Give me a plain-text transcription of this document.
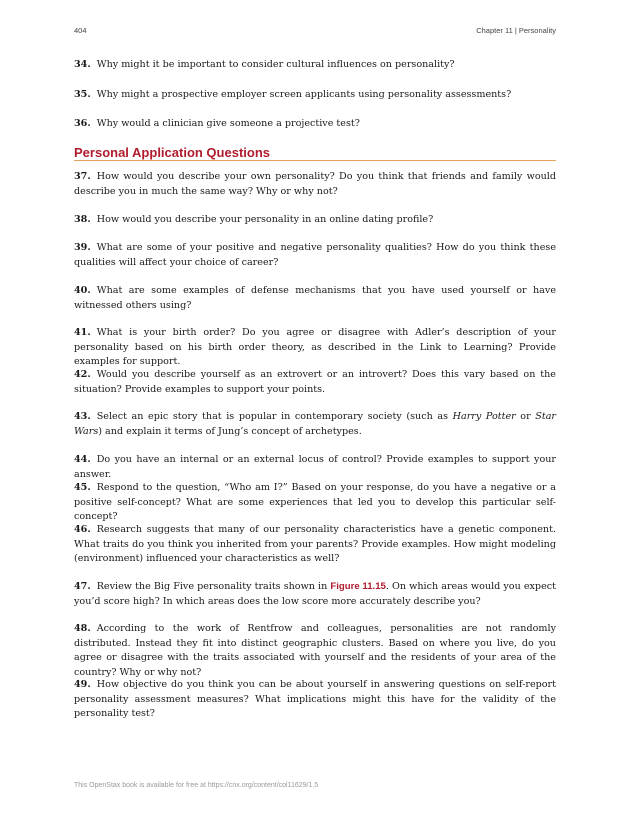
404	Chapter 11 | Personality
34. Why might it be important to consider cultural influences on personality?
35. Why might a prospective employer screen applicants using personality assessments?
36. Why would a clinician give someone a projective test?
Personal Application Questions
37. How would you describe your own personality? Do you think that friends and family would describe you in much the same way? Why or why not?
38. How would you describe your personality in an online dating profile?
39. What are some of your positive and negative personality qualities? How do you think these qualities will affect your choice of career?
40. What are some examples of defense mechanisms that you have used yourself or have witnessed others using?
41. What is your birth order? Do you agree or disagree with Adler’s description of your personality based on his birth order theory, as described in the Link to Learning? Provide examples for support.
42. Would you describe yourself as an extrovert or an introvert? Does this vary based on the situation? Provide examples to support your points.
43. Select an epic story that is popular in contemporary society (such as Harry Potter or Star Wars) and explain it terms of Jung’s concept of archetypes.
44. Do you have an internal or an external locus of control? Provide examples to support your answer.
45. Respond to the question, “Who am I?” Based on your response, do you have a negative or a positive self-concept? What are some experiences that led you to develop this particular self-concept?
46. Research suggests that many of our personality characteristics have a genetic component. What traits do you think you inherited from your parents? Provide examples. How might modeling (environment) influenced your characteristics as well?
47. Review the Big Five personality traits shown in Figure 11.15. On which areas would you expect you’d score high? In which areas does the low score more accurately describe you?
48. According to the work of Rentfrow and colleagues, personalities are not randomly distributed. Instead they fit into distinct geographic clusters. Based on where you live, do you agree or disagree with the traits associated with yourself and the residents of your area of the country? Why or why not?
49. How objective do you think you can be about yourself in answering questions on self-report personality assessment measures? What implications might this have for the validity of the personality test?
This OpenStax book is available for free at https://cnx.org/content/col11629/1.5
